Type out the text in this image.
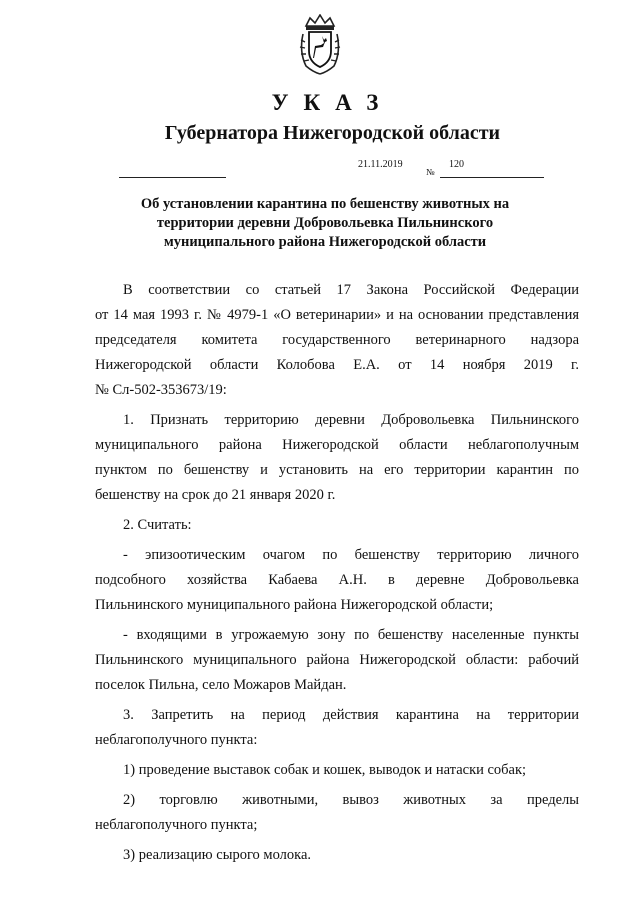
УКАЗ
Губернатора Нижегородской области
21.11.2019
№
120
Об установлении карантина по бешенству животных на
территории деревни Добровольевка Пильнинского
муниципального района Нижегородской области
В соответствии со статьей 17 Закона Российской Федерации
от 14 мая 1993 г. № 4979-1 «О ветеринарии» и на основании представления
председателя комитета государственного ветеринарного надзора
Нижегородской области Колобова Е.А. от 14 ноября 2019 г.
№ Сл-502-353673/19:
1. Признать территорию деревни Добровольевка Пильнинского
муниципального района Нижегородской области неблагополучным
пунктом по бешенству и установить на его территории карантин по
бешенству на срок до 21 января 2020 г.
2. Считать:
- эпизоотическим очагом по бешенству территорию личного
подсобного хозяйства Кабаева А.Н. в деревне Добровольевка
Пильнинского муниципального района Нижегородской области;
- входящими в угрожаемую зону по бешенству населенные пункты
Пильнинского муниципального района Нижегородской области: рабочий
поселок Пильна, село Можаров Майдан.
3. Запретить на период действия карантина на территории
неблагополучного пункта:
1) проведение выставок собак и кошек, выводок и натаски собак;
2) торговлю животными, вывоз животных за пределы
неблагополучного пункта;
3) реализацию сырого молока.
